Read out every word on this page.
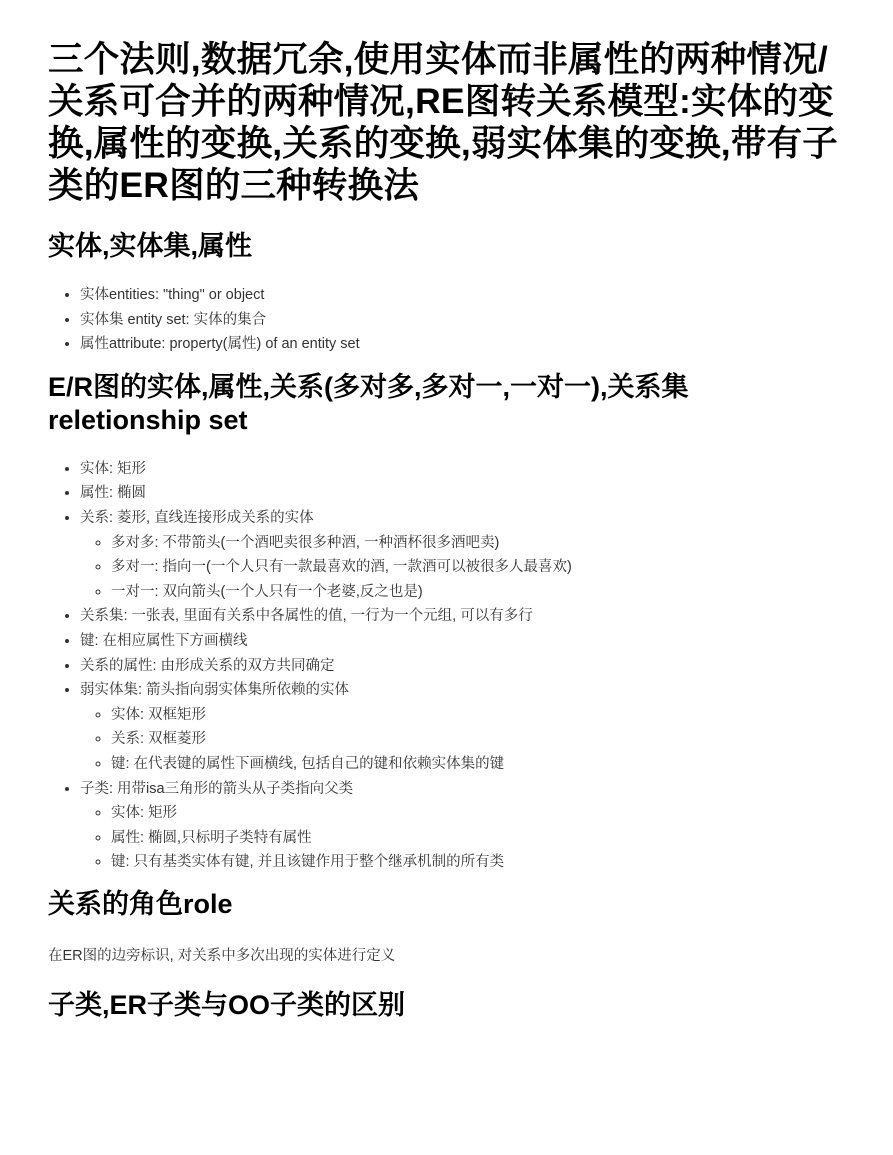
三个法则,数据冗余,使用实体而非属性的两种情况/关系可合并的两种情况,RE图转关系模型:实体的变换,属性的变换,关系的变换,弱实体集的变换,带有子类的ER图的三种转换法
实体,实体集,属性
• 实体entities: "thing" or object
• 实体集 entity set: 实体的集合
• 属性attribute: property(属性) of an entity set
E/R图的实体,属性,关系(多对多,多对一,一对一),关系集
reletionship set
• 实体: 矩形
• 属性: 椭圆
• 关系: 菱形, 直线连接形成关系的实体
◦ 多对多: 不带箭头(一个酒吧卖很多种酒, 一种酒杯很多酒吧卖)
◦ 多对一: 指向一(一个人只有一款最喜欢的酒, 一款酒可以被很多人最喜欢)
◦ 一对一: 双向箭头(一个人只有一个老婆,反之也是)
• 关系集: 一张表, 里面有关系中各属性的值, 一行为一个元组, 可以有多行
• 键: 在相应属性下方画横线
• 关系的属性: 由形成关系的双方共同确定
• 弱实体集: 箭头指向弱实体集所依赖的实体
◦ 实体: 双框矩形
◦ 关系: 双框菱形
◦ 键: 在代表键的属性下画横线, 包括自己的键和依赖实体集的键
• 子类: 用带isa三角形的箭头从子类指向父类
◦ 实体: 矩形
◦ 属性: 椭圆,只标明子类特有属性
◦ 键: 只有基类实体有键, 并且该键作用于整个继承机制的所有类
关系的角色role

在ER图的边旁标识, 对关系中多次出现的实体进行定义

子类,ER子类与OO子类的区别
